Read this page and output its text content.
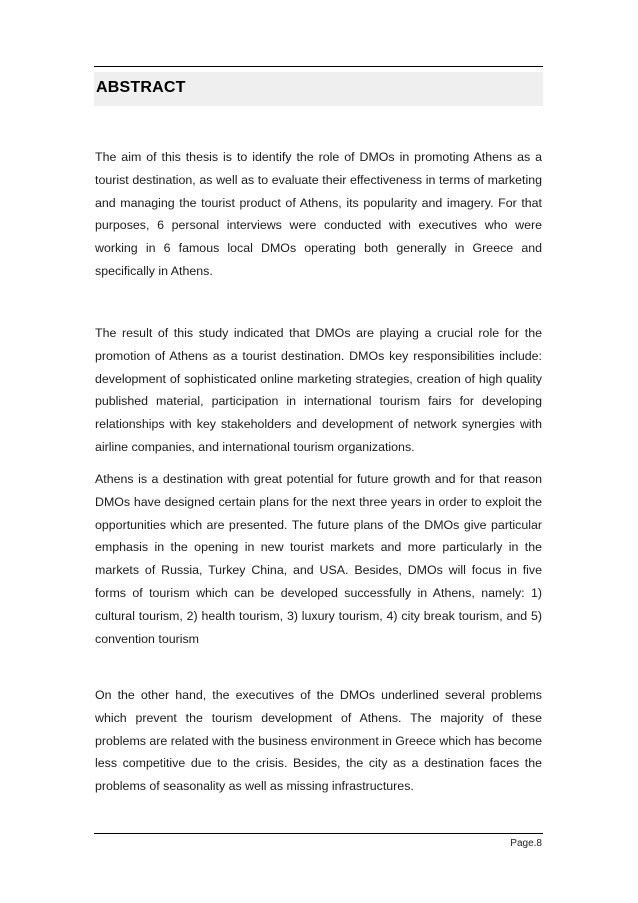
ABSTRACT

The aim of this thesis is to identify the role of DMOs in promoting Athens as a tourist destination, as well as to evaluate their effectiveness in terms of marketing and managing the tourist product of Athens, its popularity and imagery. For that purposes, 6 personal interviews were conducted with executives who were working in 6 famous local DMOs operating both generally in Greece and specifically in Athens.

The result of this study indicated that DMOs are playing a crucial role for the promotion of Athens as a tourist destination. DMOs key responsibilities include: development of sophisticated online marketing strategies, creation of high quality published material, participation in international tourism fairs for developing relationships with key stakeholders and development of network synergies with airline companies, and international tourism organizations.

Athens is a destination with great potential for future growth and for that reason DMOs have designed certain plans for the next three years in order to exploit the opportunities which are presented. The future plans of the DMOs give particular emphasis in the opening in new tourist markets and more particularly in the markets of Russia, Turkey China, and USA. Besides, DMOs will focus in five forms of tourism which can be developed successfully in Athens, namely: 1) cultural tourism, 2) health tourism, 3) luxury tourism, 4) city break tourism, and 5) convention tourism

On the other hand, the executives of the DMOs underlined several problems which prevent the tourism development of Athens. The majority of these problems are related with the business environment in Greece which has become less competitive due to the crisis. Besides, the city as a destination faces the problems of seasonality as well as missing infrastructures.

Page.8
